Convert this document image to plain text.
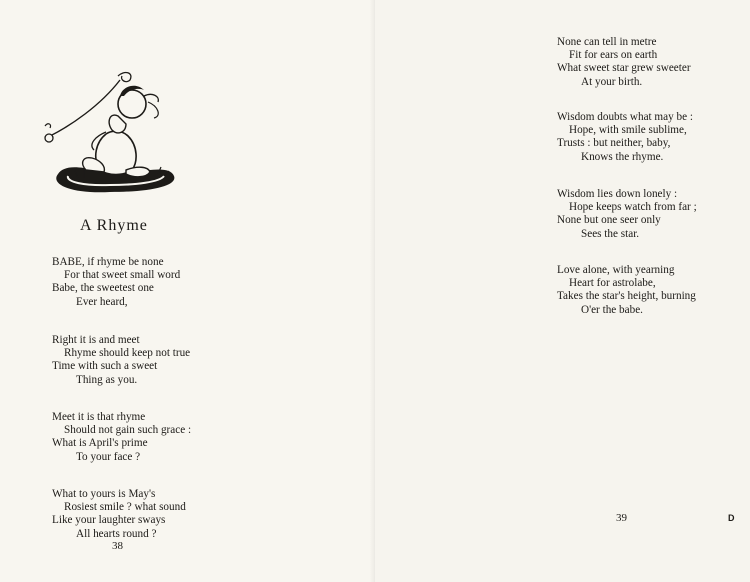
A Rhyme

BABE, if rhyme be none
For that sweet small word
Babe, the sweetest one
Ever heard,

Right it is and meet
Rhyme should keep not true
Time with such a sweet
Thing as you.

Meet it is that rhyme
Should not gain such grace :
What is April's prime
To your face ?

What to yours is May's
Rosiest smile ? what sound
Like your laughter sways
All hearts round ?

38

None can tell in metre
Fit for ears on earth
What sweet star grew sweeter
At your birth.

Wisdom doubts what may be :
Hope, with smile sublime,
Trusts : but neither, baby,
Knows the rhyme.

Wisdom lies down lonely :
Hope keeps watch from far ;
None but one seer only
Sees the star.

Love alone, with yearning
Heart for astrolabe,
Takes the star's height, burning
O'er the babe.

39	D
